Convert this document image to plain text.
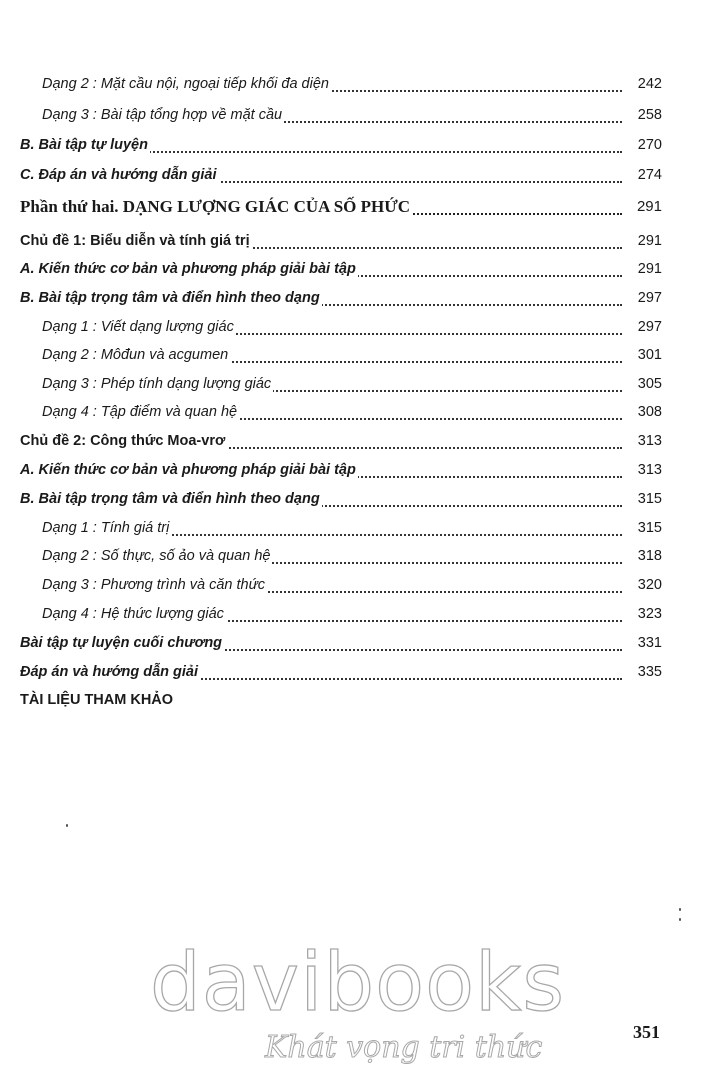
Dạng 2 : Mặt cầu nội, ngoại tiếp khối đa diện	242
Dạng 3 : Bài tập tổng hợp về mặt cầu	258
B. Bài tập tự luyện	270
C. Đáp án và hướng dẫn giải	274
Phần thứ hai. DẠNG LƯỢNG GIÁC CỦA SỐ PHỨC	291
Chủ đề 1: Biểu diễn và tính giá trị	291
A. Kiến thức cơ bản và phương pháp giải bài tập	291
B. Bài tập trọng tâm và điển hình theo dạng	297
Dạng 1 : Viết dạng lượng giác	297
Dạng 2 : Môđun và acgumen	301
Dạng 3 : Phép tính dạng lượng giác	305
Dạng 4 : Tập điểm và quan hệ	308
Chủ đề 2: Công thức Moa-vrơ	313
A. Kiến thức cơ bản và phương pháp giải bài tập	313
B. Bài tập trọng tâm và điển hình theo dạng	315
Dạng 1 : Tính giá trị	315
Dạng 2 : Số thực, số ảo và quan hệ	318
Dạng 3 : Phương trình và căn thức	320
Dạng 4 : Hệ thức lượng giác	323
Bài tập tự luyện cuối chương	331
Đáp án và hướng dẫn giải	335
TÀI LIỆU THAM KHẢO
davibooks
Khát vọng tri thức	351
